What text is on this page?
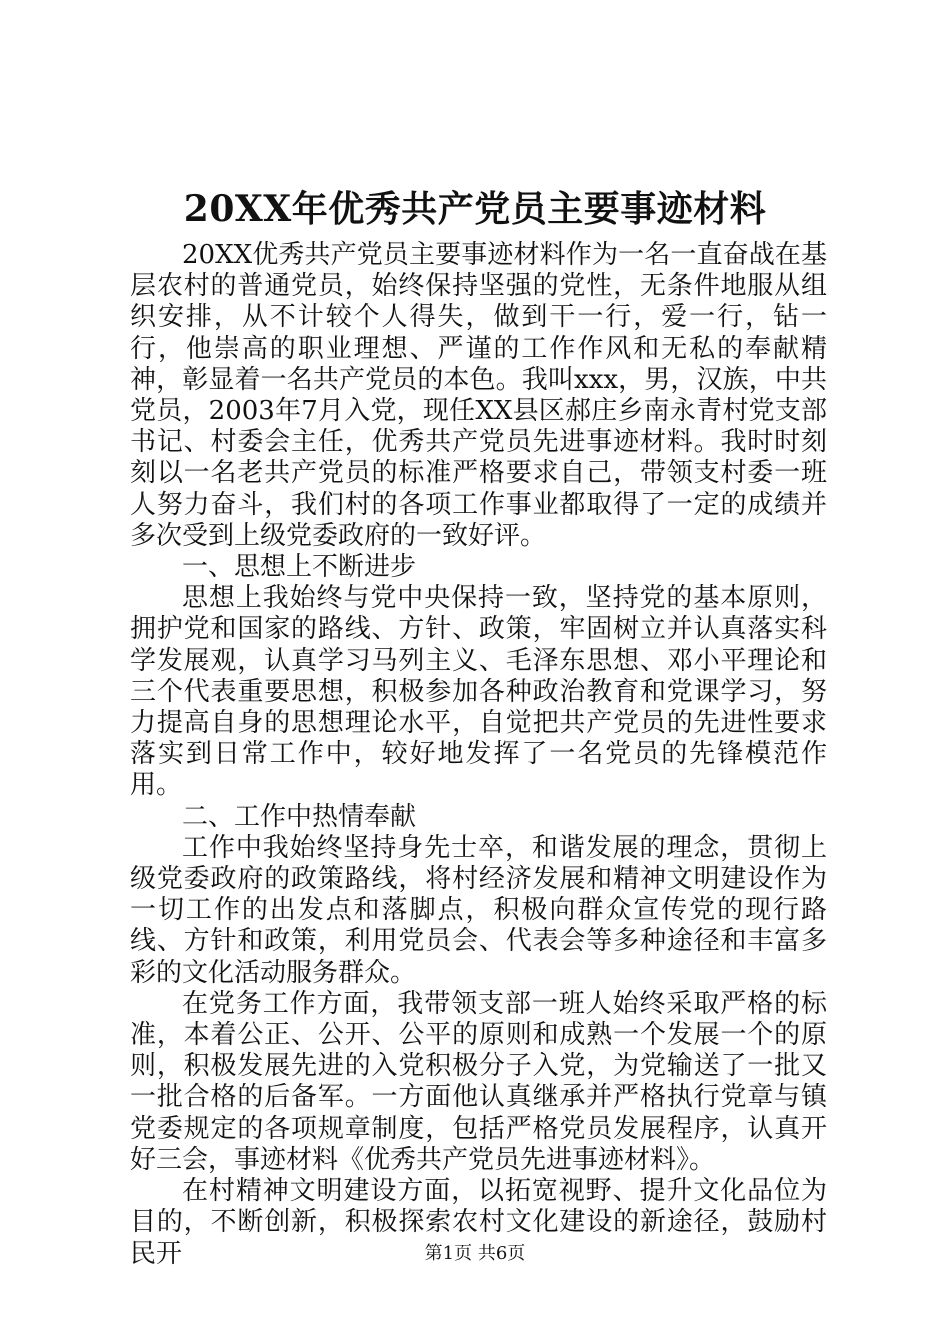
20XX年优秀共产党员主要事迹材料

20XX优秀共产党员主要事迹材料作为一名一直奋战在基层农村的普通党员，始终保持坚强的党性，无条件地服从组织安排，从不计较个人得失，做到干一行，爱一行，钻一行，他崇高的职业理想、严谨的工作作风和无私的奉献精神，彰显着一名共产党员的本色。我叫xxx，男，汉族，中共党员，2003年7月入党，现任XX县区郝庄乡南永青村党支部书记、村委会主任，优秀共产党员先进事迹材料。我时时刻刻以一名老共产党员的标准严格要求自己，带领支村委一班人努力奋斗，我们村的各项工作事业都取得了一定的成绩并多次受到上级党委政府的一致好评。

一、思想上不断进步

思想上我始终与党中央保持一致，坚持党的基本原则，拥护党和国家的路线、方针、政策，牢固树立并认真落实科学发展观，认真学习马列主义、毛泽东思想、邓小平理论和三个代表重要思想，积极参加各种政治教育和党课学习，努力提高自身的思想理论水平，自觉把共产党员的先进性要求落实到日常工作中，较好地发挥了一名党员的先锋模范作用。

二、工作中热情奉献

工作中我始终坚持身先士卒，和谐发展的理念，贯彻上级党委政府的政策路线，将村经济发展和精神文明建设作为一切工作的出发点和落脚点，积极向群众宣传党的现行路线、方针和政策，利用党员会、代表会等多种途径和丰富多彩的文化活动服务群众。

在党务工作方面，我带领支部一班人始终采取严格的标准，本着公正、公开、公平的原则和成熟一个发展一个的原则，积极发展先进的入党积极分子入党，为党输送了一批又一批合格的后备军。一方面他认真继承并严格执行党章与镇党委规定的各项规章制度，包括严格党员发展程序，认真开好三会，事迹材料《优秀共产党员先进事迹材料》。

在村精神文明建设方面，以拓宽视野、提升文化品位为目的，不断创新，积极探索农村文化建设的新途径，鼓励村民开	第1页 共6页
